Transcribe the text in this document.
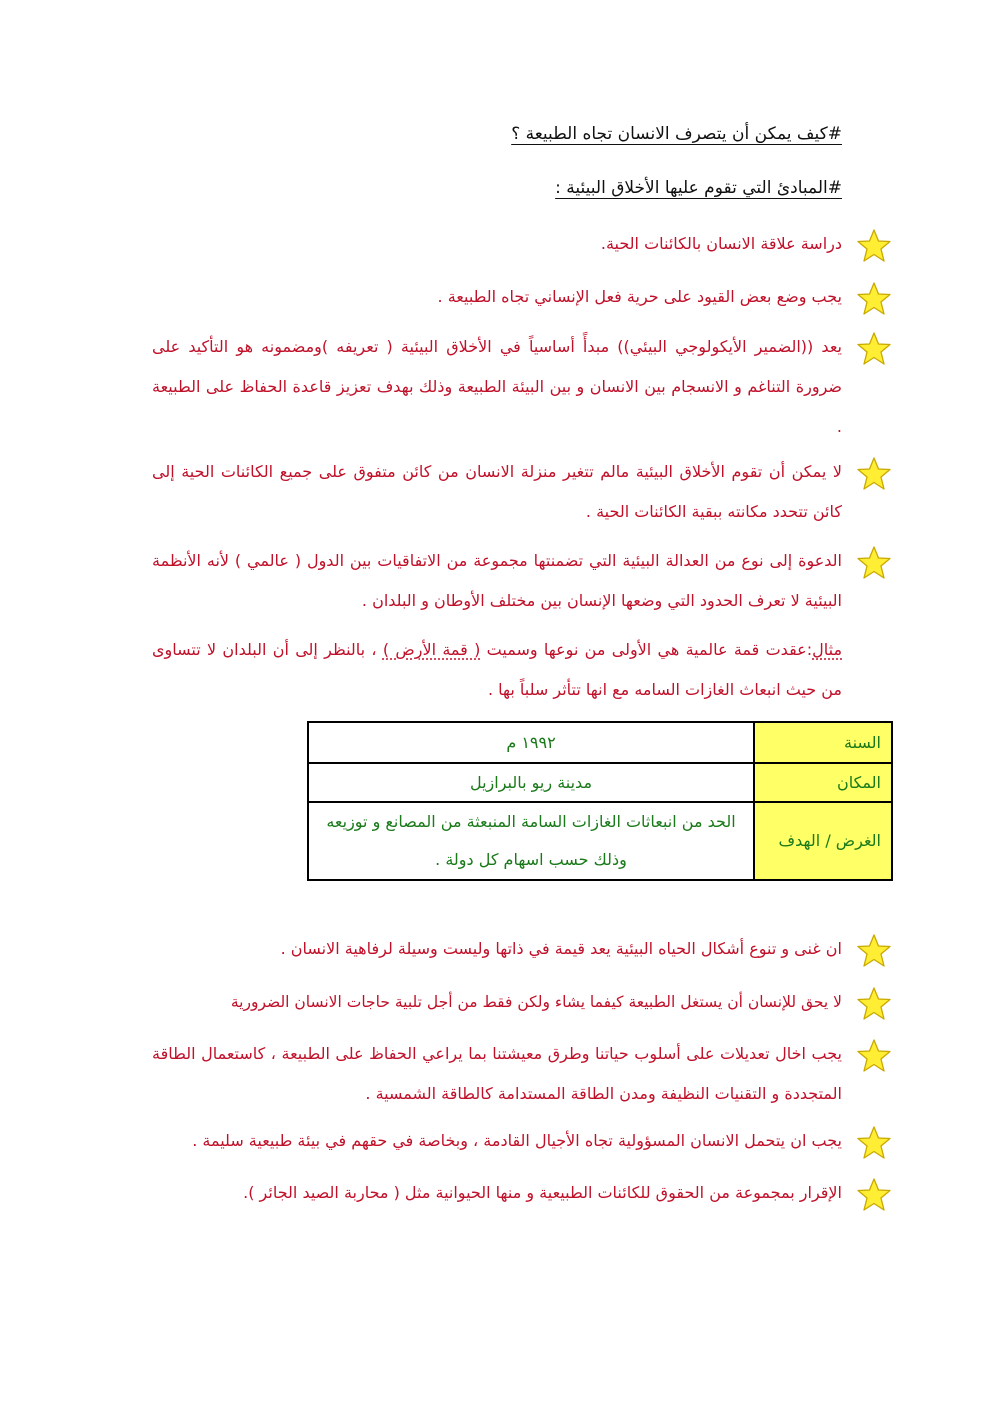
#كيف يمكن أن يتصرف الانسان تجاه الطبيعة ؟
#المبادئ التي تقوم عليها الأخلاق البيئية :
دراسة علاقة الانسان بالكائنات الحية.
يجب وضع بعض القيود على حرية فعل الإنساني تجاه الطبيعة .
يعد ((الضمير الأيكولوجي البيئي)) مبدأً أساسياً في الأخلاق البيئية ( تعريفه )ومضمونه هو التأكيد على ضرورة التناغم و الانسجام بين الانسان و بين البيئة الطبيعة وذلك بهدف تعزيز قاعدة الحفاظ على الطبيعة .
لا يمكن أن تقوم الأخلاق البيئية مالم تتغير منزلة الانسان من كائن متفوق على جميع الكائنات الحية إلى كائن تتحدد مكانته ببقية الكائنات الحية .
الدعوة إلى نوع من العدالة البيئية التي تضمنتها مجموعة من الاتفاقيات بين الدول ( عالمي ) لأنه الأنظمة البيئية لا تعرف الحدود التي وضعها الإنسان بين مختلف الأوطان و البلدان .
مثال:عقدت قمة عالمية هي الأولى من نوعها وسميت ( قمة الأرض ) ، بالنظر إلى أن البلدان لا تتساوى من حيث انبعاث الغازات السامه مع انها تتأثر سلباً بها .
السنة	١٩٩٢ م
المكان	مدينة ريو بالبرازيل
الغرض / الهدف	الحد من انبعاثات الغازات السامة المنبعثة من المصانع و توزيعه وذلك حسب اسهام كل دولة .
ان غنى و تنوع أشكال الحياه البيئية يعد قيمة في ذاتها وليست وسيلة لرفاهية الانسان .
لا يحق للإنسان أن يستغل الطبيعة كيفما يشاء ولكن فقط من أجل تلبية حاجات الانسان الضرورية
يجب اخال تعديلات على أسلوب حياتنا وطرق معيشتنا بما يراعي الحفاظ على الطبيعة ، كاستعمال الطاقة المتجددة و التقنيات النظيفة ومدن الطاقة المستدامة كالطاقة الشمسية .
يجب ان يتحمل الانسان المسؤولية تجاه الأجيال القادمة ، وبخاصة في حقهم في بيئة طبيعية سليمة .
الإقرار بمجموعة من الحقوق للكائنات الطبيعية و منها الحيوانية مثل ( محاربة الصيد الجائر ).
